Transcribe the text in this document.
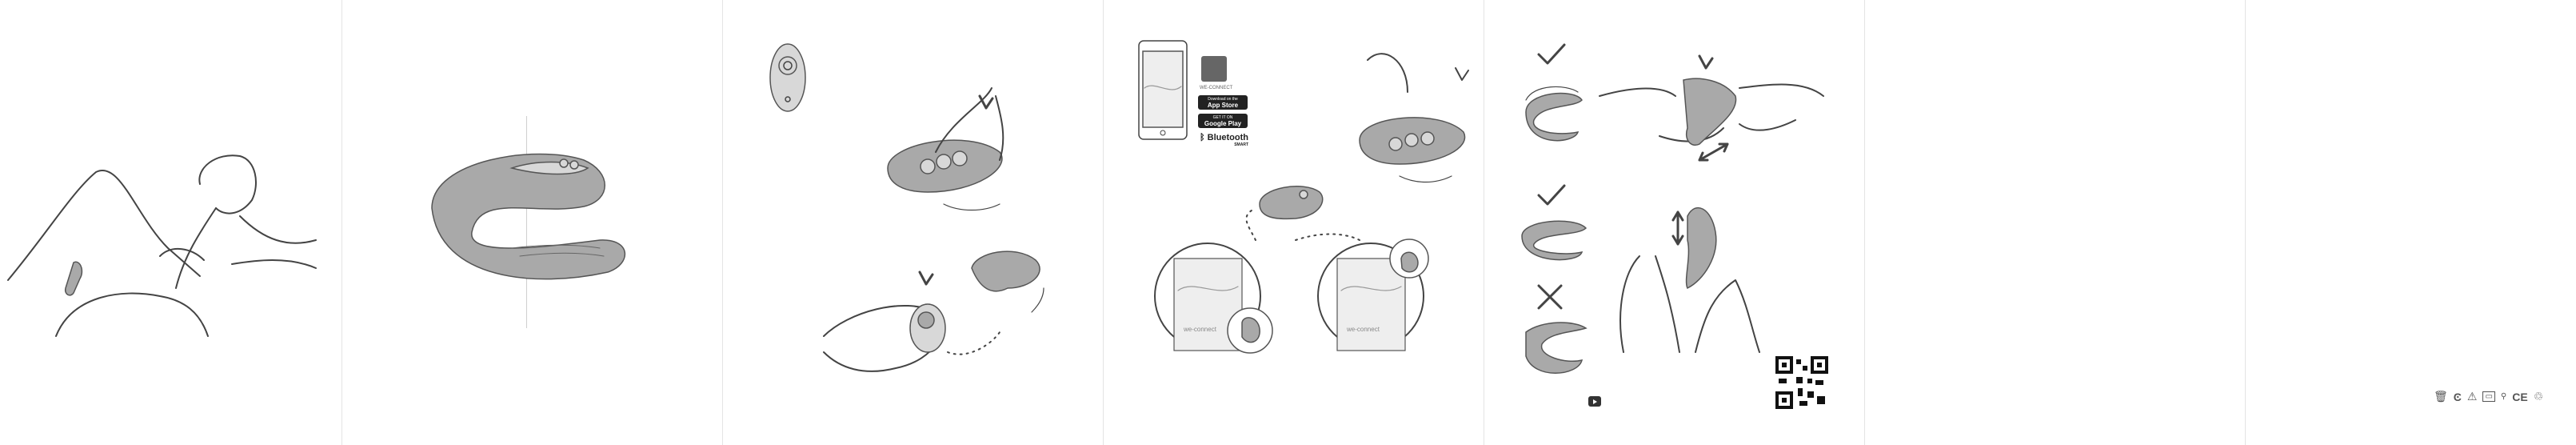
WE-CONNECT
Download on the
App Store
GET IT ON
Google Play
ᛒ Bluetooth
SMART
we-connect	we-connect
🗑 Ͼ ⚠	▭	⚲ CE ♲
